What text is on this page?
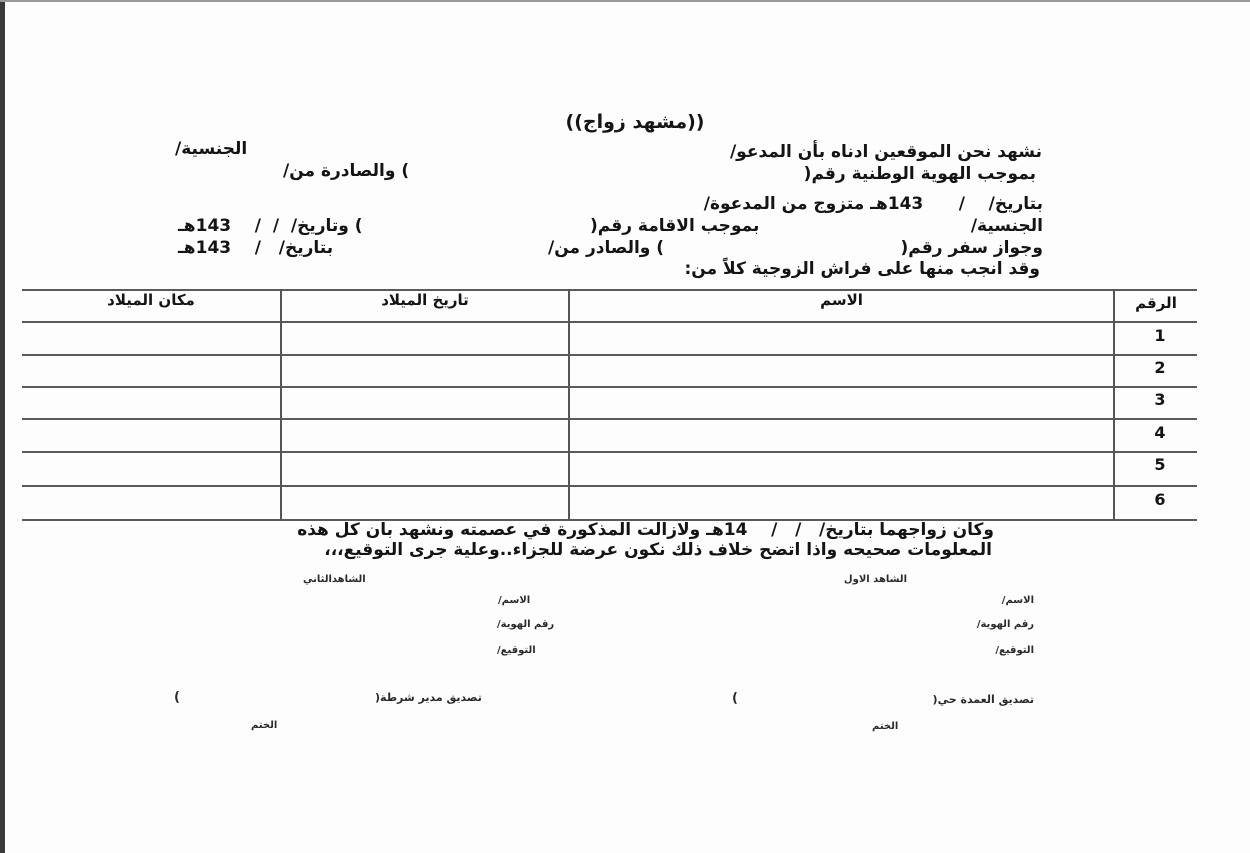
((مشهد زواج))
نشهد نحن الموقعين ادناه بأن المدعو/
الجنسية/
بموجب الهوية الوطنية رقم(
) والصادرة من/
بتاريخ/    /      143هـ متزوج من المدعوة/
الجنسية/
بموجب الاقامة رقم(
) وتاريخ/  /  /    143هـ
وجواز سفر رقم(
) والصادر من/
بتاريخ/   /    143هـ
وقد انجب منها على فراش الزوجية كلاً من:
الرقم
الاسم
تاريخ الميلاد
مكان الميلاد
1
2
3
4
5
6
وكان زواجهما بتاريخ/   /   /    14هـ ولازالت المذكورة في عصمته ونشهد بان كل هذه
المعلومات صحيحه واذا اتضح خلاف ذلك نكون عرضة للجزاء..وعلية جرى التوقيع،،،
الشاهد الاول
الاسم/
رقم الهوية/
التوقيع/
الشاهدالثاني
الاسم/
رقم الهوية/
التوقيع/
تصديق العمدة حي(
)
الختم
تصديق مدير شرطة(
)
الختم
